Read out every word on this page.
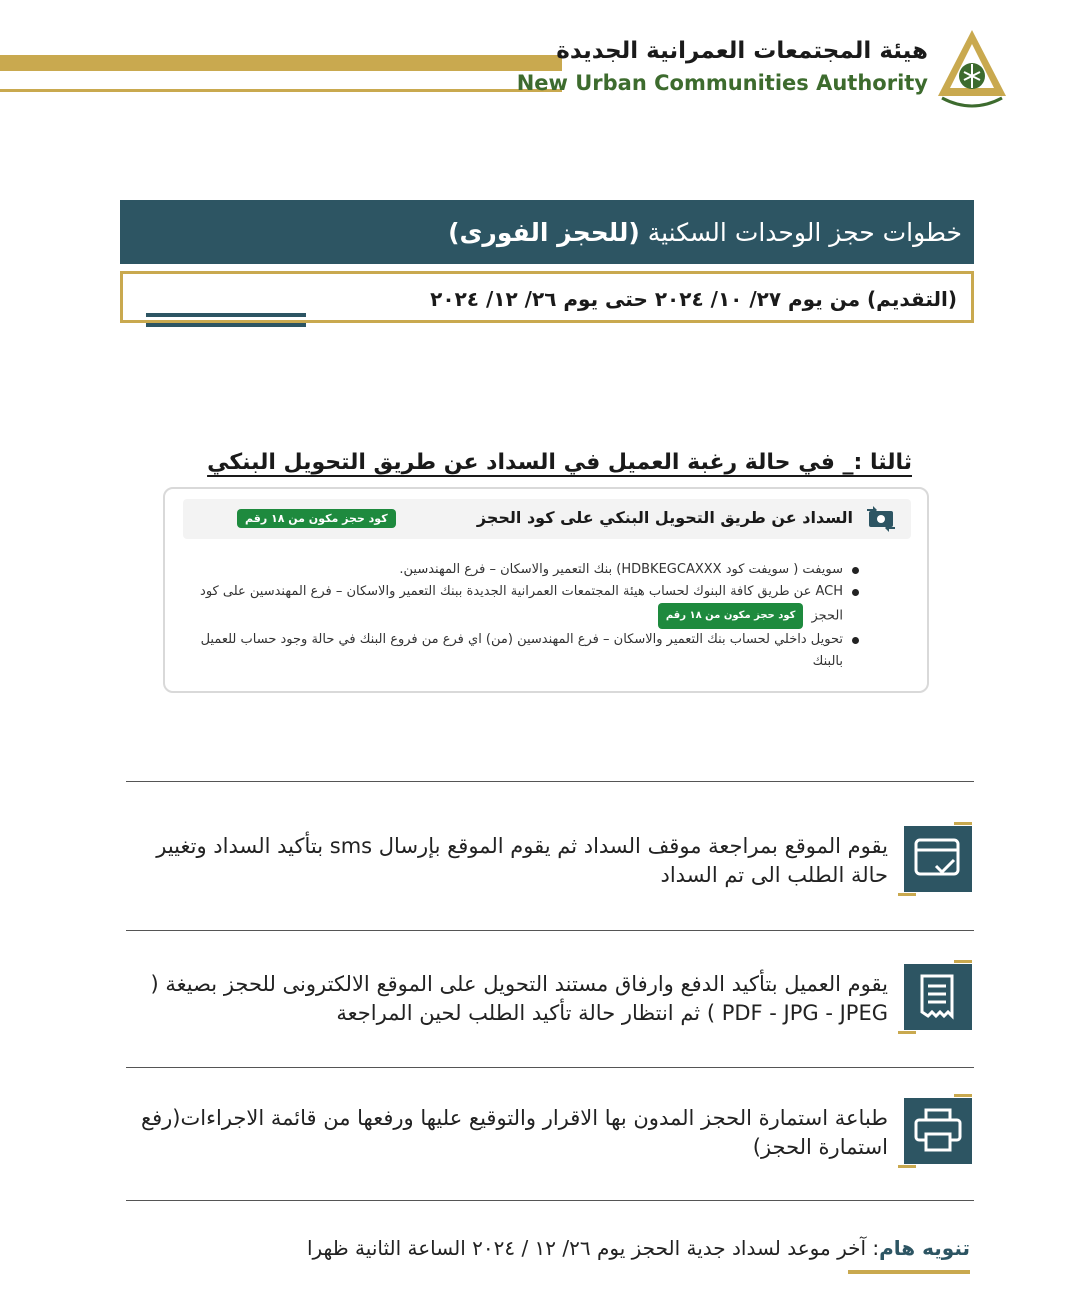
هيئة المجتمعات العمرانية الجديدة
New Urban Communities Authority
خطوات حجز الوحدات السكنية (للحجز الفورى)
(التقديم) من يوم ٢٧/ ١٠/ ٢٠٢٤ حتى يوم ٢٦/ ١٢/ ٢٠٢٤
ثالثا :_ في حالة رغبة العميل في السداد عن طريق التحويل البنكي
السداد عن طريق التحويل البنكي على كود الحجز
كود حجز مكون من ١٨ رقم
سويفت ( سويفت كود HDBKEGCAXXX) بنك التعمير والاسكان – فرع المهندسين.
ACH عن طريق كافة البنوك لحساب هيئة المجتمعات العمرانية الجديدة ببنك التعمير والاسكان – فرع المهندسين على كود الحجزكود حجز مكون من ١٨ رقم
تحويل داخلي لحساب بنك التعمير والاسكان – فرع المهندسين (من) اي فرع من فروع البنك في حالة وجود حساب للعميل بالبنك
يقوم الموقع بمراجعة موقف السداد ثم يقوم الموقع بإرسال sms بتأكيد السداد وتغيير حالة الطلب الى تم السداد
يقوم العميل بتأكيد الدفع وارفاق مستند التحويل على الموقع الالكترونى للحجز بصيغة ( PDF - JPG - JPEG ) ثم انتظار حالة تأكيد الطلب لحين المراجعة
طباعة استمارة الحجز المدون بها الاقرار والتوقيع عليها ورفعها من قائمة الاجراءات(رفع استمارة الحجز)
تنويه هام: آخر موعد لسداد جدية الحجز يوم ٢٦/ ١٢ / ٢٠٢٤ الساعة الثانية ظهرا
